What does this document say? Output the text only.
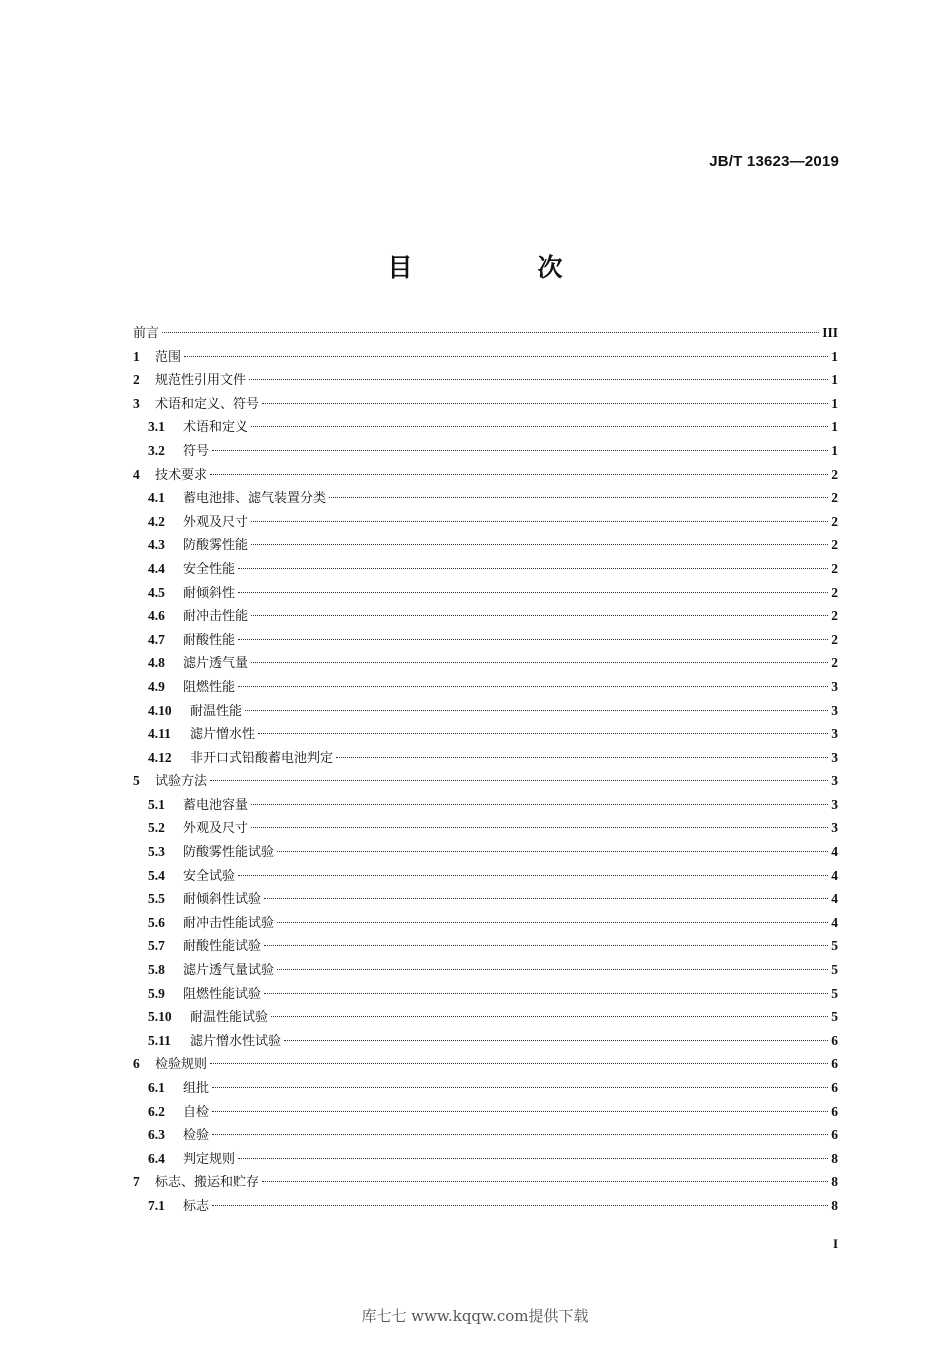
JB/T 13623—2019
目　次
前言	III
1	范围	1
2	规范性引用文件	1
3	术语和定义、符号	1
3.1	术语和定义	1
3.2	符号	1
4	技术要求	2
4.1	蓄电池排、滤气装置分类	2
4.2	外观及尺寸	2
4.3	防酸雾性能	2
4.4	安全性能	2
4.5	耐倾斜性	2
4.6	耐冲击性能	2
4.7	耐酸性能	2
4.8	滤片透气量	2
4.9	阻燃性能	3
4.10	耐温性能	3
4.11	滤片憎水性	3
4.12	非开口式铅酸蓄电池判定	3
5	试验方法	3
5.1	蓄电池容量	3
5.2	外观及尺寸	3
5.3	防酸雾性能试验	4
5.4	安全试验	4
5.5	耐倾斜性试验	4
5.6	耐冲击性能试验	4
5.7	耐酸性能试验	5
5.8	滤片透气量试验	5
5.9	阻燃性能试验	5
5.10	耐温性能试验	5
5.11	滤片憎水性试验	6
6	检验规则	6
6.1	组批	6
6.2	自检	6
6.3	检验	6
6.4	判定规则	8
7	标志、搬运和贮存	8
7.1	标志	8
I
库七七 www.kqqw.com提供下载
